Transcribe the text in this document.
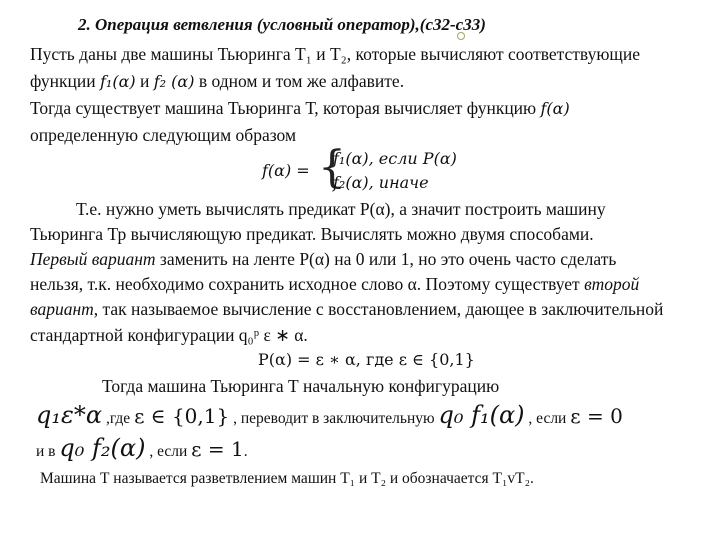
2. Операция ветвления (условный оператор),(с32-с33)
Пусть даны две машины Тьюринга T₁ и T₂, которые вычисляют соответствующие
функции f₁(α) и f₂ (α) в одном и том же алфавите.
Тогда существует машина Тьюринга Т, которая вычисляет функцию f(α)
определенную следующим образом
f(α) = {
f₁(α), если P(α)
f₂(α), иначе
Т.е. нужно уметь вычислять предикат Р(α), а значит построить машину
Тьюринга Тр вычисляющую предикат. Вычислять можно двумя способами.
Первый вариант заменить на ленте P(α) на 0 или 1, но это очень часто сделать
нельзя, т.к. необходимо сохранить исходное слово α. Поэтому существует второй
вариант, так называемое вычисление с восстановлением, дающее в заключительной
стандартной конфигурации q₀ᵖ ε ∗ α.
P(α) = ε ∗ α, где ε ∈ {0,1}
Тогда машина Тьюринга Т начальную конфигурацию
q₁ε*α ,где ε ∈ {0,1} , переводит в заключительную q₀ f₁(α) , если ε = 0
и в q₀ f₂(α) , если ε = 1.
Машина Т называется разветвлением машин T₁ и T₂ и обозначается T₁vT₂.
